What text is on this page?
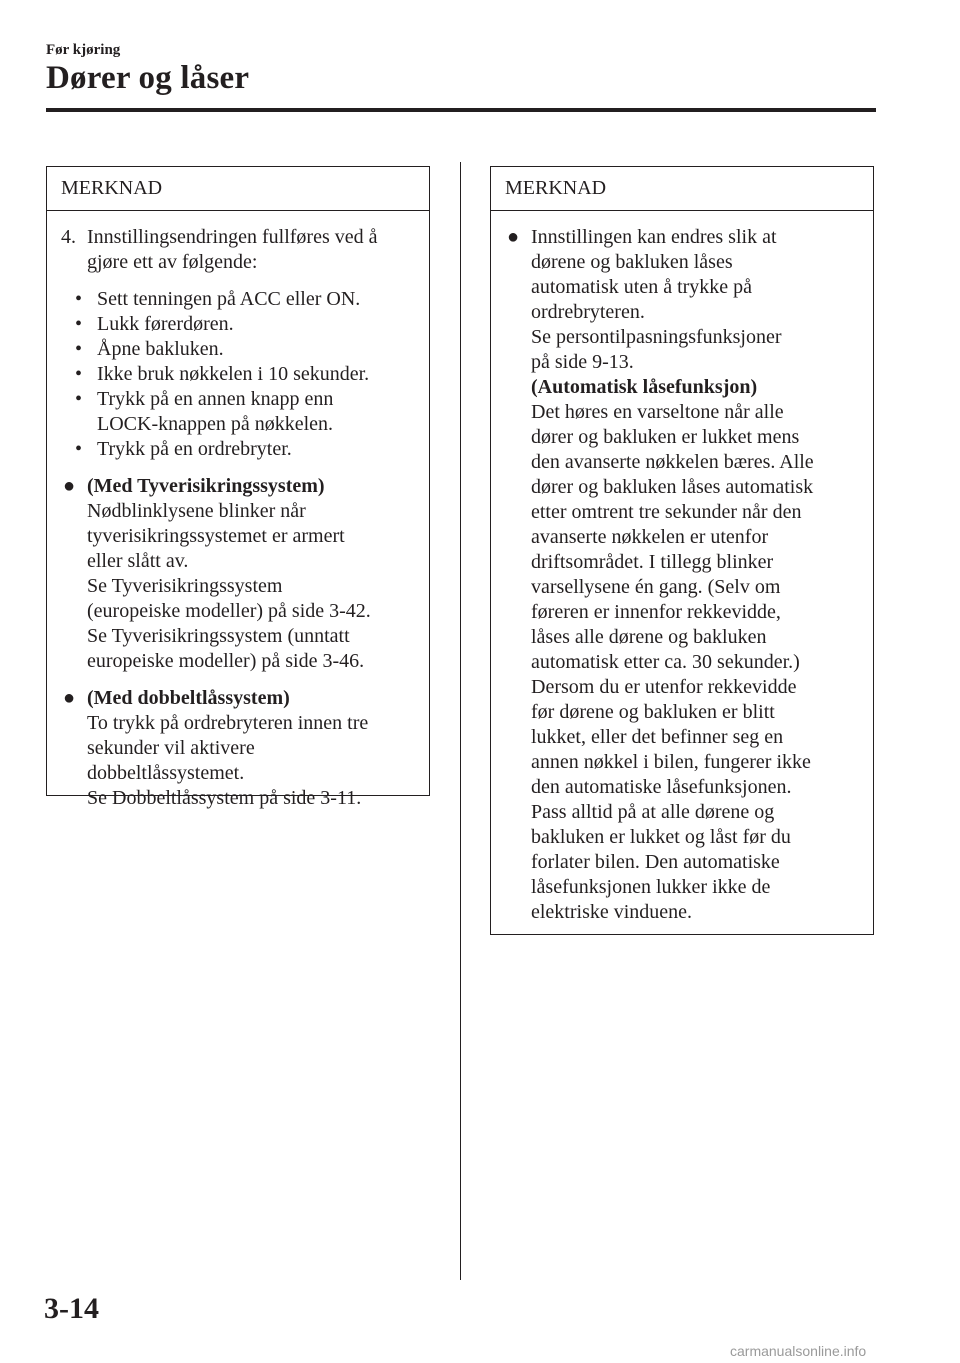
Før kjøring
Dører og låser
MERKNAD
4. Innstillingsendringen fullføres ved å
gjøre ett av følgende:
• Sett tenningen på ACC eller ON.
• Lukk førerdøren.
• Åpne bakluken.
• Ikke bruk nøkkelen i 10 sekunder.
• Trykk på en annen knapp enn
LOCK-knappen på nøkkelen.
• Trykk på en ordrebryter.
● (Med Tyverisikringssystem)
Nødblinklysene blinker når
tyverisikringssystemet er armert
eller slått av.
Se Tyverisikringssystem
(europeiske modeller) på side 3-42.
Se Tyverisikringssystem (unntatt
europeiske modeller) på side 3-46.
● (Med dobbeltlåssystem)
To trykk på ordrebryteren innen tre
sekunder vil aktivere
dobbeltlåssystemet.
Se Dobbeltlåssystem på side 3-11.
MERKNAD
● Innstillingen kan endres slik at
dørene og bakluken låses
automatisk uten å trykke på
ordrebryteren.
Se persontilpasningsfunksjoner
på side 9-13.
(Automatisk låsefunksjon)
Det høres en varseltone når alle
dører og bakluken er lukket mens
den avanserte nøkkelen bæres. Alle
dører og bakluken låses automatisk
etter omtrent tre sekunder når den
avanserte nøkkelen er utenfor
driftsområdet. I tillegg blinker
varsellysene én gang. (Selv om
føreren er innenfor rekkevidde,
låses alle dørene og bakluken
automatisk etter ca. 30 sekunder.)
Dersom du er utenfor rekkevidde
før dørene og bakluken er blitt
lukket, eller det befinner seg en
annen nøkkel i bilen, fungerer ikke
den automatiske låsefunksjonen.
Pass alltid på at alle dørene og
bakluken er lukket og låst før du
forlater bilen. Den automatiske
låsefunksjonen lukker ikke de
elektriske vinduene.
3-14
carmanualsonline.info
